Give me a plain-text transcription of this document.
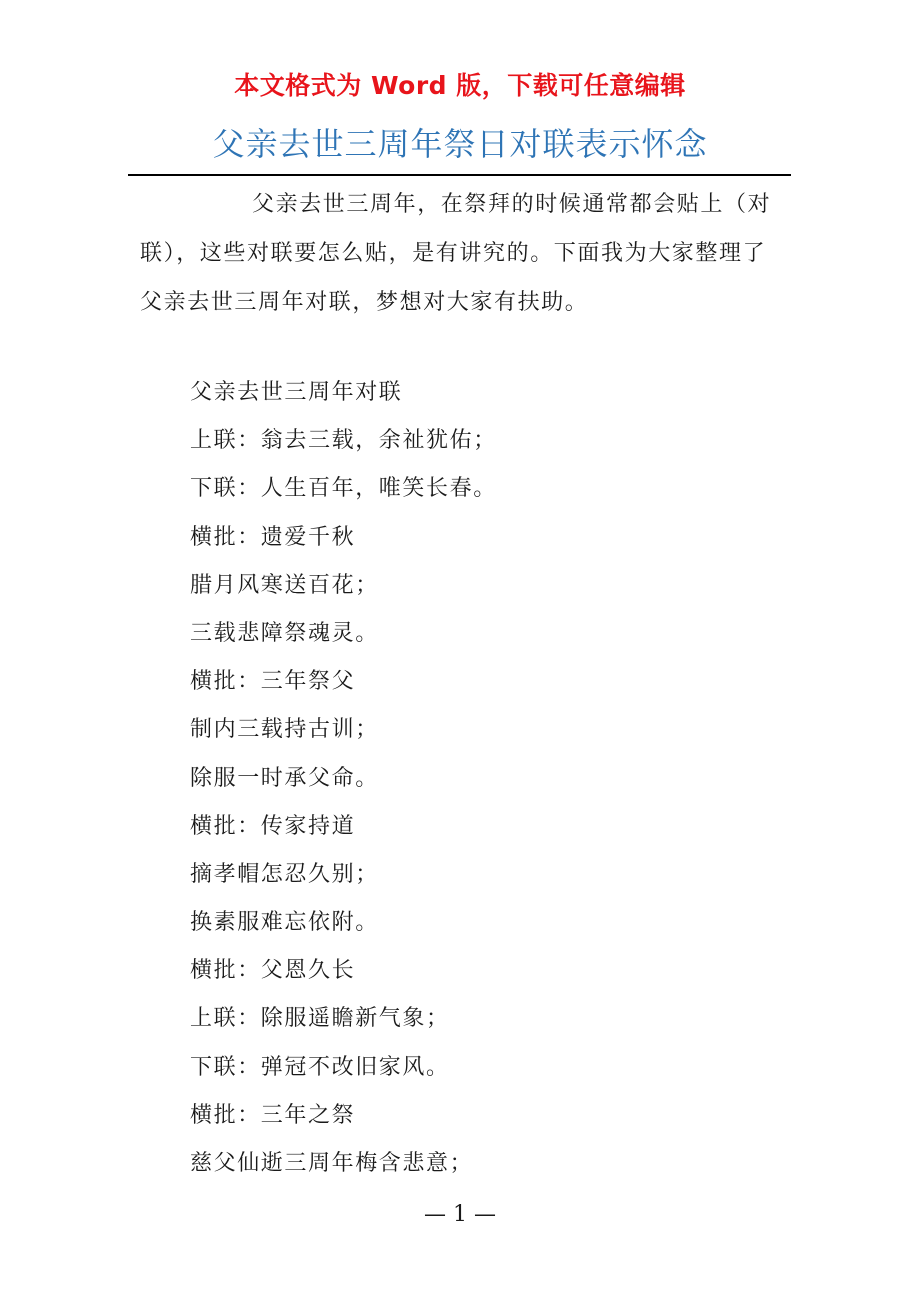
本文格式为 Word 版，下载可任意编辑
父亲去世三周年祭日对联表示怀念

父亲去世三周年，在祭拜的时候通常都会贴上（对联），这些对联要怎么贴，是有讲究的。下面我为大家整理了父亲去世三周年对联，梦想对大家有扶助。

父亲去世三周年对联
上联：翁去三载，余祉犹佑；
下联：人生百年，唯笑长春。
横批：遗爱千秋
腊月风寒送百花；
三载悲障祭魂灵。
横批：三年祭父
制内三载持古训；
除服一时承父命。
横批：传家持道
摘孝帽怎忍久别；
换素服难忘依附。
横批：父恩久长
上联：除服遥瞻新气象；
下联：弹冠不改旧家风。
横批：三年之祭
慈父仙逝三周年梅含悲意；
— 1 —
